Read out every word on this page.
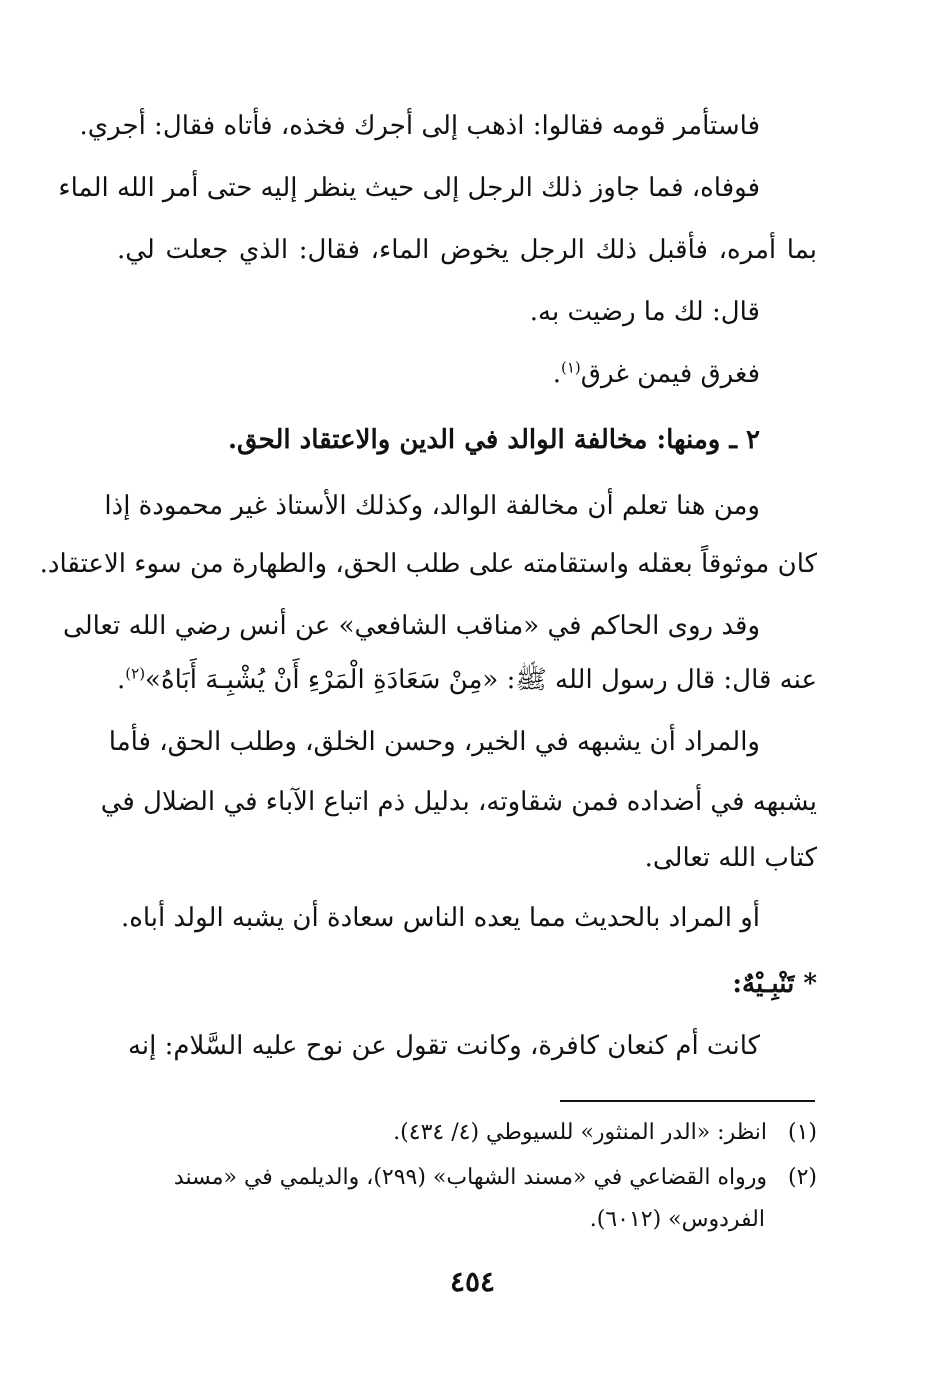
فاستأمر قومه فقالوا: اذهب إلى أجرك فخذه، فأتاه فقال: أجري.
فوفاه، فما جاوز ذلك الرجل إلى حيث ينظر إليه حتى أمر الله الماء
بما أمره، فأقبل ذلك الرجل يخوض الماء، فقال: الذي جعلت لي.
قال: لك ما رضيت به.
فغرق فيمن غرق$^{(١)}$.
٢ ـ ومنها: مخالفة الوالد في الدين والاعتقاد الحق.
ومن هنا تعلم أن مخالفة الوالد، وكذلك الأستاذ غير محمودة إذا
كان موثوقاً بعقله واستقامته على طلب الحق، والطهارة من سوء الاعتقاد.
وقد روى الحاكم في «مناقب الشافعي» عن أنس رضي الله تعالى
عنه قال: قال رسول الله ﷺ: «مِنْ سَعَادَةِ الْمَرْءِ أَنْ يُشْبِـهَ أَبَاهُ»$^{(٢)}$.
والمراد أن يشبهه في الخير، وحسن الخلق، وطلب الحق، فأما
يشبهه في أضداده فمن شقاوته، بدليل ذم اتباع الآباء في الضلال في
كتاب الله تعالى.
أو المراد بالحديث مما يعده الناس سعادة أن يشبه الولد أباه.
* تَنْبِـيْهٌ:
كانت أم كنعان كافرة، وكانت تقول عن نوح عليه السَّلام: إنه
(١)انظر: «الدر المنثور» للسيوطي (٤/ ٤٣٤).
(٢)ورواه القضاعي في «مسند الشهاب» (٢٩٩)، والديلمي في «مسند
الفردوس» (٦٠١٢).
٤٥٤
